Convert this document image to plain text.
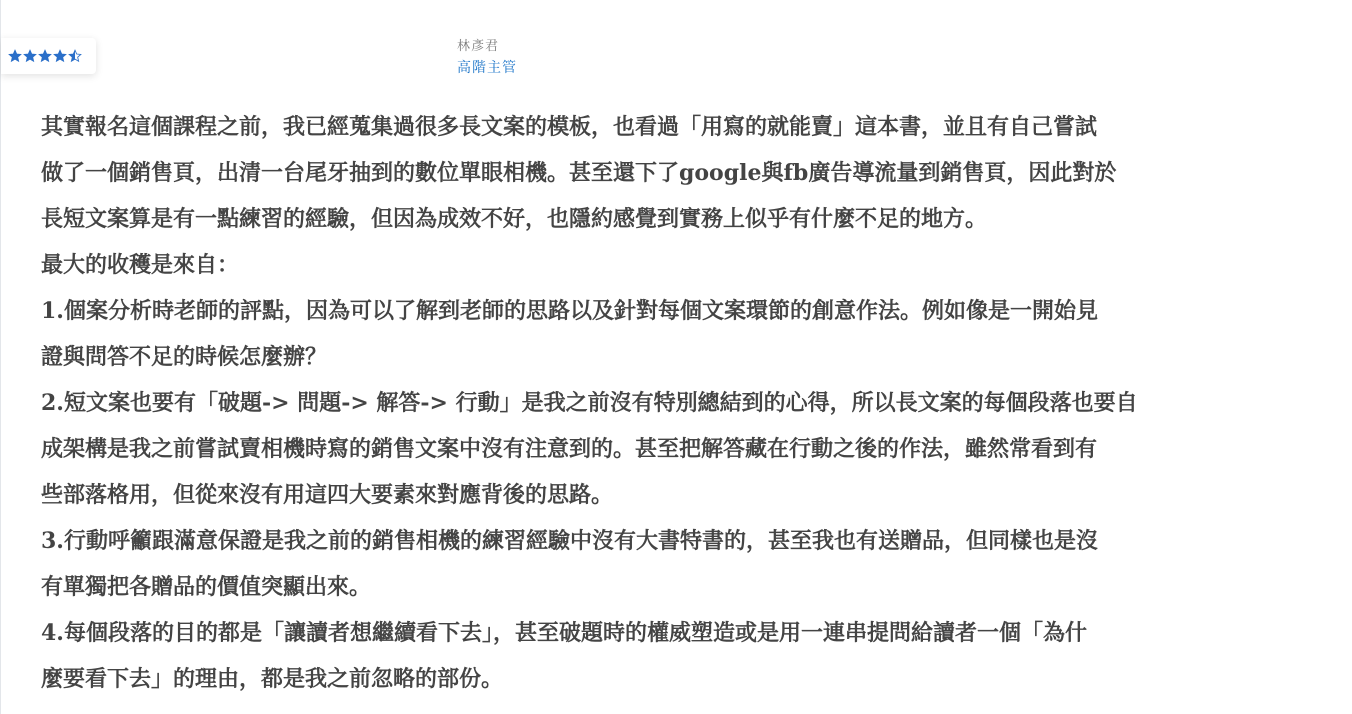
林彥君
高階主管

其實報名這個課程之前，我已經蒐集過很多長文案的模板，也看過「用寫的就能賣」這本書，並且有自己嘗試

做了一個銷售頁，出清一台尾牙抽到的數位單眼相機。甚至還下了google與fb廣告導流量到銷售頁，因此對於

長短文案算是有一點練習的經驗，但因為成效不好，也隱約感覺到實務上似乎有什麼不足的地方。

最大的收穫是來自：

1.個案分析時老師的評點，因為可以了解到老師的思路以及針對每個文案環節的創意作法。例如像是一開始見

證與問答不足的時候怎麼辦？

2.短文案也要有「破題-> 問題-> 解答-> 行動」是我之前沒有特別總結到的心得，所以長文案的每個段落也要自

成架構是我之前嘗試賣相機時寫的銷售文案中沒有注意到的。甚至把解答藏在行動之後的作法，雖然常看到有

些部落格用，但從來沒有用這四大要素來對應背後的思路。

3.行動呼籲跟滿意保證是我之前的銷售相機的練習經驗中沒有大書特書的，甚至我也有送贈品，但同樣也是沒

有單獨把各贈品的價值突顯出來。

4.每個段落的目的都是「讓讀者想繼續看下去」，甚至破題時的權威塑造或是用一連串提問給讀者一個「為什

麼要看下去」的理由，都是我之前忽略的部份。
